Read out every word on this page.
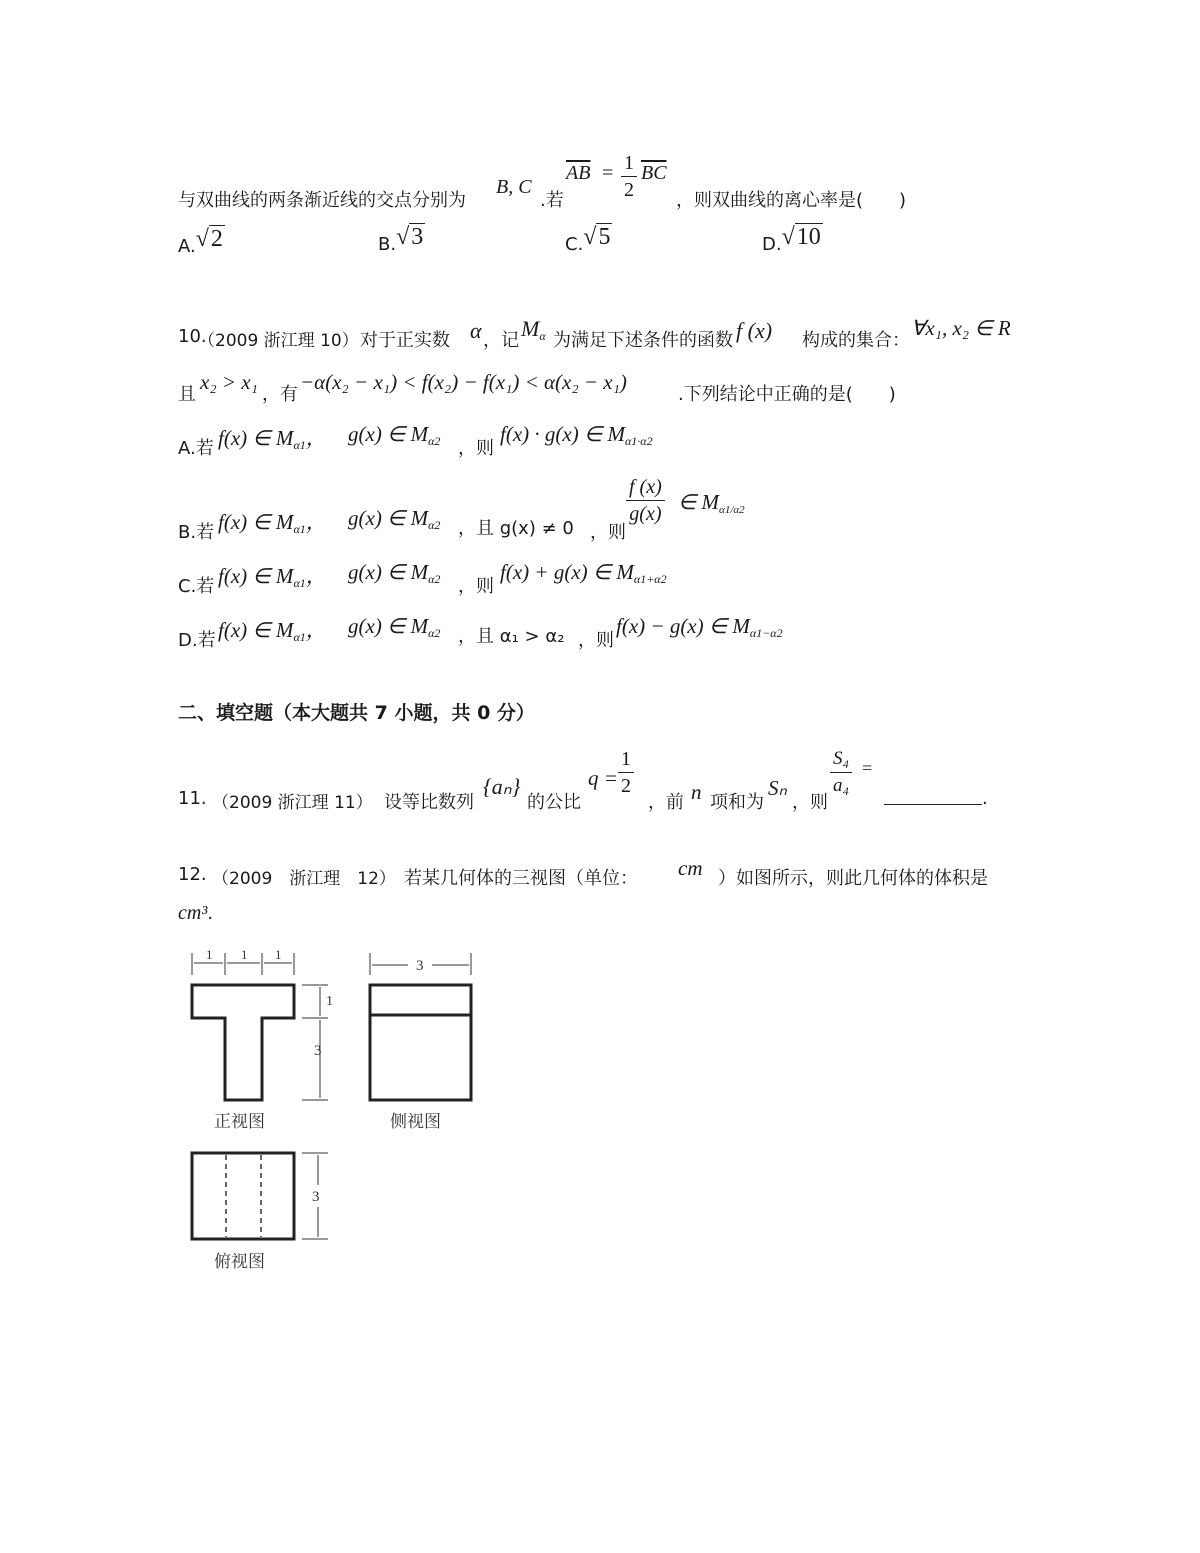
与双曲线的两条渐近线的交点分别为
B, C
.若
$\overline{AB} = \frac{1}{2} \overline{BC}$
，则双曲线的离心率是(　　)
A.√2	B.√3	C.√5	D.√10
10.
（2009 浙江理 10） 对于正实数 α ，记 $M_\alpha$ 为满足下述条件的函数 f (x) 构成的集合：
∀x₁, x₂ ∈ R
且
x₂ > x₁
，有
−α(x₂ − x₁) < f(x₂) − f(x₁) < α(x₂ − x₁)
.下列结论中正确的是(　　)
A.若 f(x) ∈ $M_{\alpha 1}$， g(x) ∈ $M_{\alpha 2}$ ，则
f(x) · g(x) ∈ $M_{\alpha 1\cdot\alpha 2}$
B.若 f(x) ∈ $M_{\alpha 1}$， g(x) ∈ $M_{\alpha 2}$ ，且 g(x) ≠ 0 ，则
$\frac{f (x)}{g(x)}$ ∈ $M_{\alpha 1/\alpha 2}$
C.若 f(x) ∈ $M_{\alpha 1}$， g(x) ∈ $M_{\alpha 2}$ ，则
f(x) + g(x) ∈ $M_{\alpha 1+\alpha 2}$
D.若 f(x) ∈ $M_{\alpha 1}$， g(x) ∈ $M_{\alpha 2}$ ，且 α₁ > α₂ ，则
f(x) − g(x) ∈ $M_{\alpha 1-\alpha 2}$
二、填空题（本大题共 7 小题，共 0 分）
11. （2009 浙江理 11） 设等比数列
{aₙ}
的公比
$q = \frac{1}{2}$
，前 n 项和为
Sₙ
，则
$\frac{\text{S₄}}{\text{a₄}}$ =
.
12. （2009　浙江理　12） 若某几何体的三视图（单位： cm ）如图所示，则此几何体的体积是
cm³.
1 1 1
1
3
正视图
3
侧视图
3
俯视图
